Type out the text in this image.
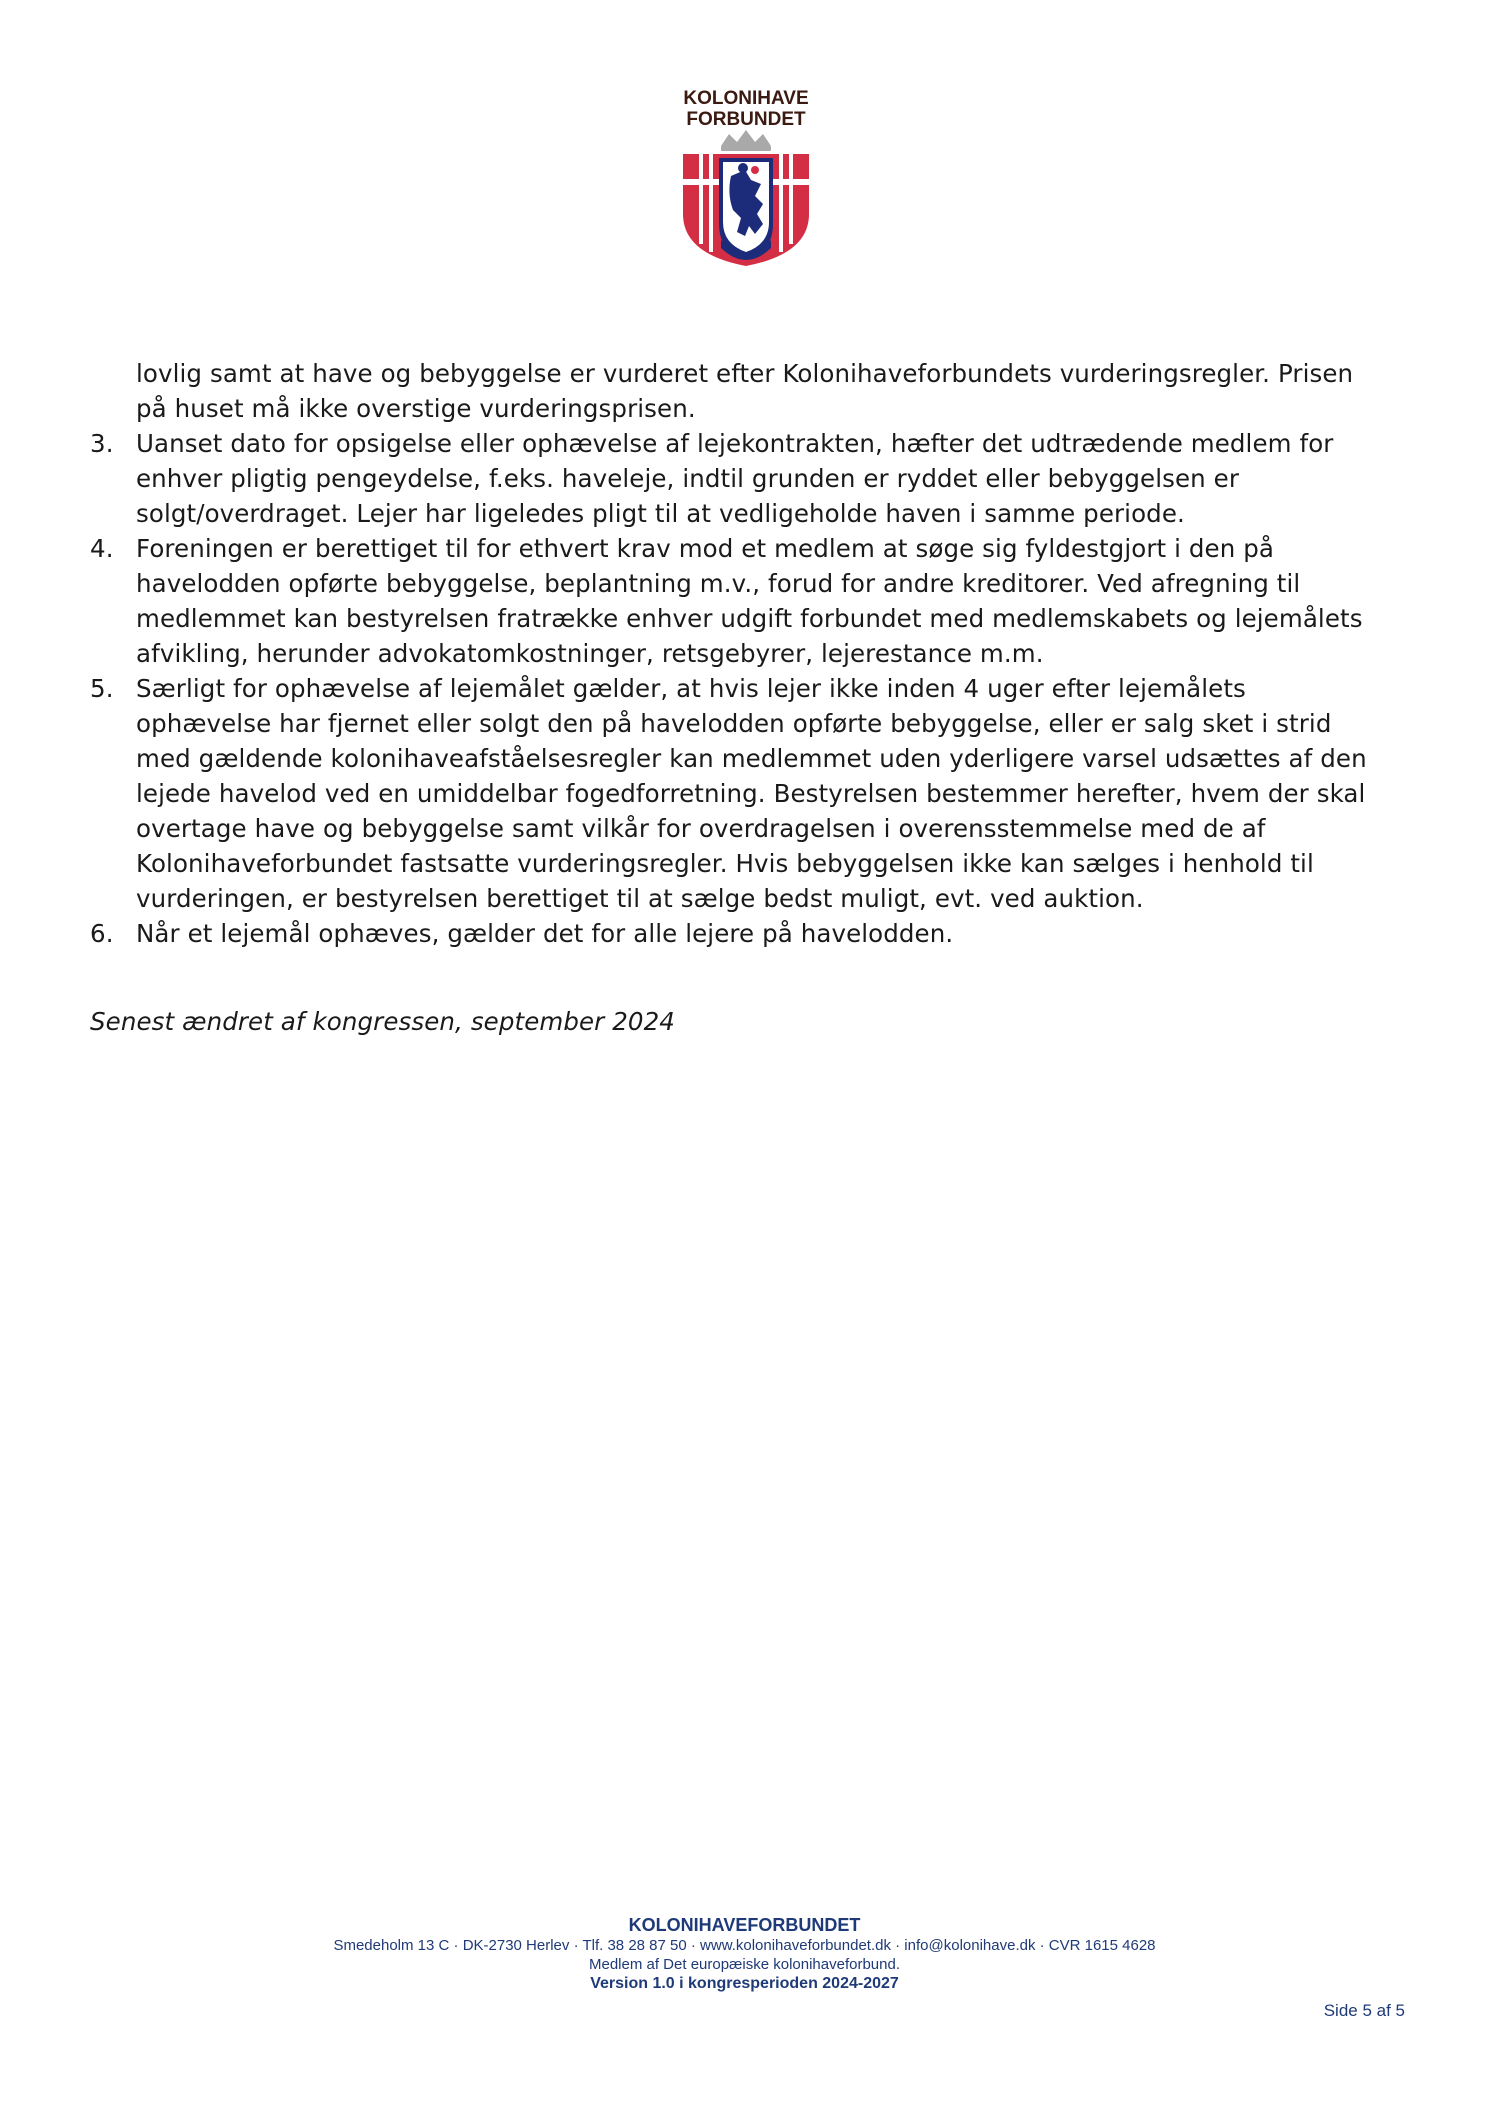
KOLONIHAVE
FORBUNDET
lovlig samt at have og bebyggelse er vurderet efter Kolonihaveforbundets vurderingsregler. Prisen
på huset må ikke overstige vurderingsprisen.
3. Uanset dato for opsigelse eller ophævelse af lejekontrakten, hæfter det udtrædende medlem for
enhver pligtig pengeydelse, f.eks. haveleje, indtil grunden er ryddet eller bebyggelsen er
solgt/overdraget. Lejer har ligeledes pligt til at vedligeholde haven i samme periode.
4. Foreningen er berettiget til for ethvert krav mod et medlem at søge sig fyldestgjort i den på
havelodden opførte bebyggelse, beplantning m.v., forud for andre kreditorer. Ved afregning til
medlemmet kan bestyrelsen fratrække enhver udgift forbundet med medlemskabets og lejemålets
afvikling, herunder advokatomkostninger, retsgebyrer, lejerestance m.m.
5. Særligt for ophævelse af lejemålet gælder, at hvis lejer ikke inden 4 uger efter lejemålets
ophævelse har fjernet eller solgt den på havelodden opførte bebyggelse, eller er salg sket i strid
med gældende kolonihaveafståelsesregler kan medlemmet uden yderligere varsel udsættes af den
lejede havelod ved en umiddelbar fogedforretning. Bestyrelsen bestemmer herefter, hvem der skal
overtage have og bebyggelse samt vilkår for overdragelsen i overensstemmelse med de af
Kolonihaveforbundet fastsatte vurderingsregler. Hvis bebyggelsen ikke kan sælges i henhold til
vurderingen, er bestyrelsen berettiget til at sælge bedst muligt, evt. ved auktion.
6. Når et lejemål ophæves, gælder det for alle lejere på havelodden.
Senest ændret af kongressen, september 2024
KOLONIHAVEFORBUNDET
Smedeholm 13 C · DK-2730 Herlev · Tlf. 38 28 87 50 · www.kolonihaveforbundet.dk · info@kolonihave.dk · CVR 1615 4628
Medlem af Det europæiske kolonihaveforbund.
Version 1.0 i kongresperioden 2024-2027
Side 5 af 5
